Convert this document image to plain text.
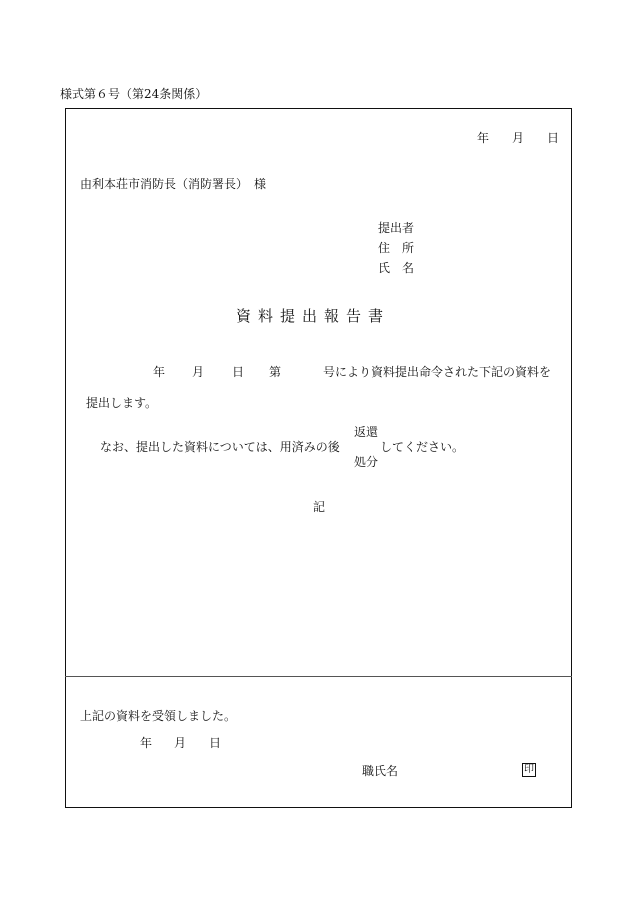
様式第６号（第24条関係）
年 月 日
由利本荘市消防長（消防署長）　様
提出者
住　所
氏　名
資料提出報告書
年 月 日 第	号により資料提出命令された下記の資料を
提出します。
返還
なお、提出した資料については、用済みの後	してください。
処分
記
上記の資料を受領しました。
年 月 日
職氏名	印
